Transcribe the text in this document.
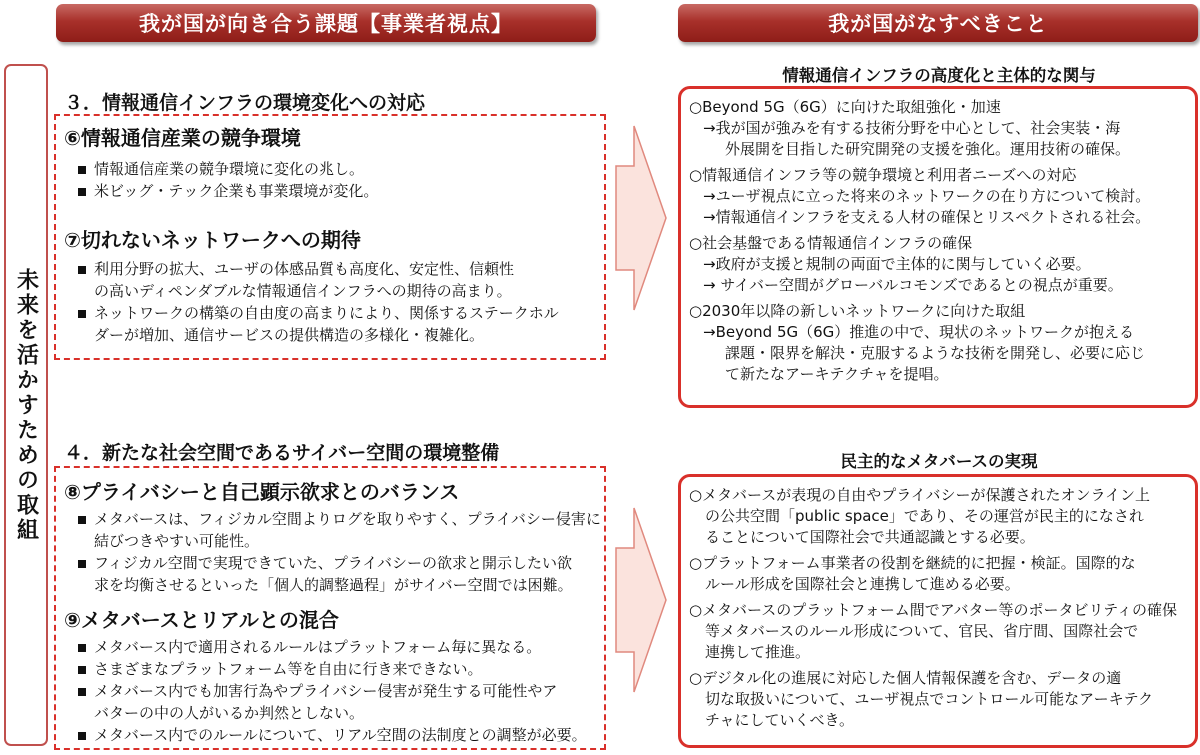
我が国が向き合う課題【事業者視点】	我が国がなすべきこと
未来を活かすための取組
３．情報通信インフラの環境変化への対応
⑥情報通信産業の競争環境
情報通信産業の競争環境に変化の兆し。
米ビッグ・テック企業も事業環境が変化。
⑦切れないネットワークへの期待
利用分野の拡大、ユーザの体感品質も高度化、安定性、信頼性
の高いディペンダブルな情報通信インフラへの期待の高まり。
ネットワークの構築の自由度の高まりにより、関係するステークホル
ダーが増加、通信サービスの提供構造の多様化・複雑化。
４．新たな社会空間であるサイバー空間の環境整備
⑧プライバシーと自己顕示欲求とのバランス
メタバースは、フィジカル空間よりログを取りやすく、プライバシー侵害に
結びつきやすい可能性。
フィジカル空間で実現できていた、プライバシーの欲求と開示したい欲
求を均衡させるといった「個人的調整過程」がサイバー空間では困難。
⑨メタバースとリアルとの混合
メタバース内で適用されるルールはプラットフォーム毎に異なる。
さまざまなプラットフォーム等を自由に行き来できない。
メタバース内でも加害行為やプライバシー侵害が発生する可能性やア
バターの中の人がいるか判然としない。
メタバース内でのルールについて、リアル空間の法制度との調整が必要。
情報通信インフラの高度化と主体的な関与
○Beyond 5G（6G）に向けた取組強化・加速
→我が国が強みを有する技術分野を中心として、社会実装・海
外展開を目指した研究開発の支援を強化。運用技術の確保。
○情報通信インフラ等の競争環境と利用者ニーズへの対応
→ユーザ視点に立った将来のネットワークの在り方について検討。
→情報通信インフラを支える人材の確保とリスペクトされる社会。
○社会基盤である情報通信インフラの確保
→政府が支援と規制の両面で主体的に関与していく必要。
→ サイバー空間がグローバルコモンズであるとの視点が重要。
○2030年以降の新しいネットワークに向けた取組
→Beyond 5G（6G）推進の中で、現状のネットワークが抱える
課題・限界を解決・克服するような技術を開発し、必要に応じ
て新たなアーキテクチャを提唱。
民主的なメタバースの実現
○メタバースが表現の自由やプライバシーが保護されたオンライン上
の公共空間「public space」であり、その運営が民主的になされ
ることについて国際社会で共通認識とする必要。
○プラットフォーム事業者の役割を継続的に把握・検証。国際的な
ルール形成を国際社会と連携して進める必要。
○メタバースのプラットフォーム間でアバター等のポータビリティの確保
等メタバースのルール形成について、官民、省庁間、国際社会で
連携して推進。
○デジタル化の進展に対応した個人情報保護を含む、データの適
切な取扱いについて、ユーザ視点でコントロール可能なアーキテク
チャにしていくべき。
